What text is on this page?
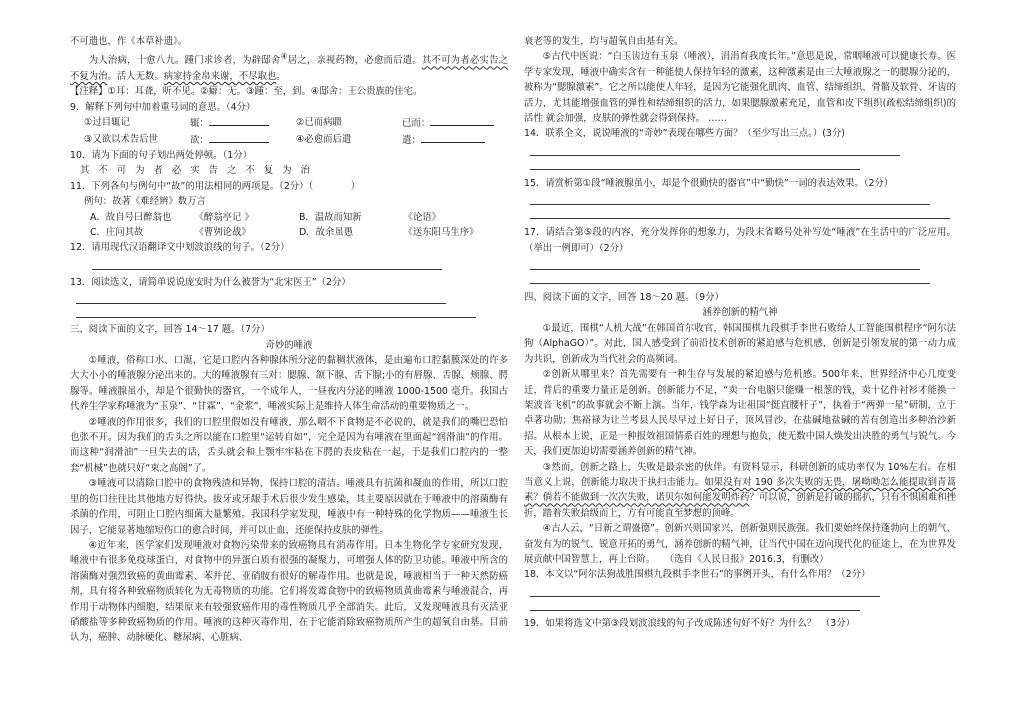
不可遗也，作《本草补遗》。
为人治病，十愈八九。踵门求诊者，为辟邸舍④居之，亲视药物，必愈而后遣。其不可为者必实告之不复为治。活人无数。病家持金帛来谢，不尽取也。
【注释】①耳：耳聋，听不见。②癖：无。③踵：至，到。④邸舍：王公贵族的住宅。
9．解释下列句中加着重号词的意思。（4分）
①过目辄记	辄：	②已而病聩	已而：
③又欲以术告后世	欲：	④必愈而后遣	遣：
10．请为下面的句子划出两处停顿。（1分）
其不可为者必实告之不复为治
11．下列各句与例句中“故”的用法相同的两项是。（2分）（　　　　）
例句：故著《难经辨》数万言
A．故自号曰醉翁也	《醉翁亭记 》	B．温故而知新	《论语》
C．庄问其故	《曹刿论战》	D．故余虽愚	《送东阳马生序》
12．请用现代汉语翻译文中划波浪线的句子。（2分）
13．阅读选文，请简单说说庞安时为什么被誉为“北宋医王”（2分）
三、阅读下面的文字，回答 14～17 题。（7分）
奇妙的唾液
①唾液，俗称口水、口涎，它是口腔内各种腺体所分泌的黏稠状液体，是由遍布口腔黏膜深处的许多大大小小的唾液腺分泌出来的。大的唾液腺有三对：腮腺、颌下腺、舌下腺;小的有唇腺、舌腺、颊腺、腭腺等。唾液腺虽小，却是个很勤快的器官，一个成年人，一昼夜内分泌的唾液 1000-1500 毫升。我国古代养生学家称唾液为“玉泉”、“甘霖”、“金浆”，唾液实际上是维持人体生命活动的重要物质之一。
②唾液的作用很多，我们的口腔里假如没有唾液，那么咽不下食物是不必说的，就是我们的嘴巴恐怕也张不开。因为我们的舌头之所以能在口腔里“运转自如”，完全是因为有唾液在里面起“润滑油”的作用。而这种“润滑油”一旦失去的话，舌头就会和上颚牢牢粘在下腭的表皮粘在一起，于是我们口腔内的一整套“机械”也就只好“束之高阁”了。
③唾液可以清除口腔中的食物残渣和异物，保持口腔的清洁。唾液具有抗菌和凝血的作用，所以口腔里的伤口往往比其他地方好得快。拔牙或牙龈手术后很少发生感染，其主要原因就在于唾液中的溶菌酶有杀菌的作用，可阻止口腔内细菌大量繁殖。我国科学家发现，唾液中有一种特殊的化学物质——唾液生长因子，它能显著地缩短伤口的愈合时间，并可以止血，还能保持皮肤的弹性。
④近年来，医学家们发现唾液对食物污染带来的致癌物具有消毒作用。日本生物化学专家研究发现，唾液中有很多免疫球蛋白，对食物中的异蛋白质有很强的凝聚力，可增强人体的防卫功能。唾液中所含的溶菌酶对强烈致癌的黄曲霉素、苯并芘、亚硝胺有很好的解毒作用。也就是说，唾液相当于一种天然防癌剂，具有将各种致癌物质转化为无毒物质的功能。它们将发霉食物中的致癌物质黄曲霉素与唾液混合，再作用于动物体内细胞，结果原来有较强致癌作用的毒性物质几乎全部消失。此后，又发现唾液具有灭活亚硝酸盐等多种致癌物质的作用。唾液的这种灭毒作用，在于它能消除致癌物质所产生的超氧自由基。目前认为，癌肿、动脉硬化、糖尿病、心脏病、
衰老等的发生，均与超氧自由基有关。
⑤古代中医说：“白玉齿边有玉泉（唾液），涓涓育我度长年。”意思是说，常咽唾液可以健康长寿。医学专家发现，唾液中确实含有一种能使人保持年轻的激素，这种激素是由三大唾液腺之一的腮腺分泌的，被称为“腮腺激素”。它之所以能使人年轻，是因为它能强化肌肉、血管、结缔组织、骨骼及软骨、牙齿的活力，尤其能增强血管的弹性和结缔组织的活力，如果腮腺激素充足，血管和皮下组织(疏松结缔组织)的活性 就会加强，皮肤的弹性就会得到保持。 ……
14．联系全文，说说唾液的“奇妙”表现在哪些方面？（至少写出三点。）(3分)
15．请赏析第①段“唾液腺虽小，却是个很勤快的器官”中“勤快”一词的表达效果。（2分）
17．请结合第⑤段的内容，充分发挥你的想象力，为段末省略号处补写处“唾液”在生活中的广泛应用。（举出一例即可）（2分）
四、阅读下面的文字，回答 18～20 题。（9分）
涵养创新的精气神
①最近，围棋“人机大战”在韩国首尔收官，韩国围棋九段棋手李世石败给人工智能围棋程序“阿尔法狗（AlphaGO）”。对此，国人感受到了前沿技术创新的紧迫感与危机感，创新是引领发展的第一动力成为共识，创新成为当代社会的高频词。
②创新从哪里来？首先需要有一种生存与发展的紧迫感与危机感。500年来，世界经济中心几度变迁，背后的重要力量正是创新。创新能力不足，“卖一台电脑只能赚一根葱的钱，卖十亿件衬衫才能换一架波音飞机”的故事就会不断上演。当年，钱学森为让祖国“挺直腰杆子”，执着于“两弹一星”研制，立于卓著功勋；焦裕禄为让兰考县人民尽早过上好日子，顶风冒沙，在盐碱地盐碱的苦有创造出多种治沙新招。从根本上说，正是一种报效祖国情系百姓的理想与抱负，使无数中国人焕发出决胜的勇气与锐气。今天，我们更加迫切需要涵养创新的精气神。
③然而，创新之路上，失败是最亲密的伙伴。有资料显示，科研创新的成功率仅为 10%左右。在相当意义上说，创新能力取决于执扫击能力。如果没有对 190 多次失败的无畏，屠呦呦怎么能提取到青蒿素？倘若不能做到一次次失败，诺贝尔如何能发明炸药？可以说，创新是打破的摇扒，只有不惧困难和挫折，踏着失败拾级而上，方有可能直至梦想的顶峰。
④古人云，“日新之谓盛德”。创新兴则国家兴，创新强则民族强。我们要始终保持蓬勃向上的朝气、奋发有为的锐气、锐意开拓的勇气，涵养创新的精气神，让当代中国在迈向现代化的征途上，在为世界发展贡献中国智慧上，再上台阶。　　（选自《人民日报》2016.3，有删改）
18．本文以“阿尔法狗战胜围棋九段棋手李世石”的事例开头，有什么作用？（2分）
19．如果将选文中第③段划波浪线的句子改成陈述句好不好？为什么？　（3分）
